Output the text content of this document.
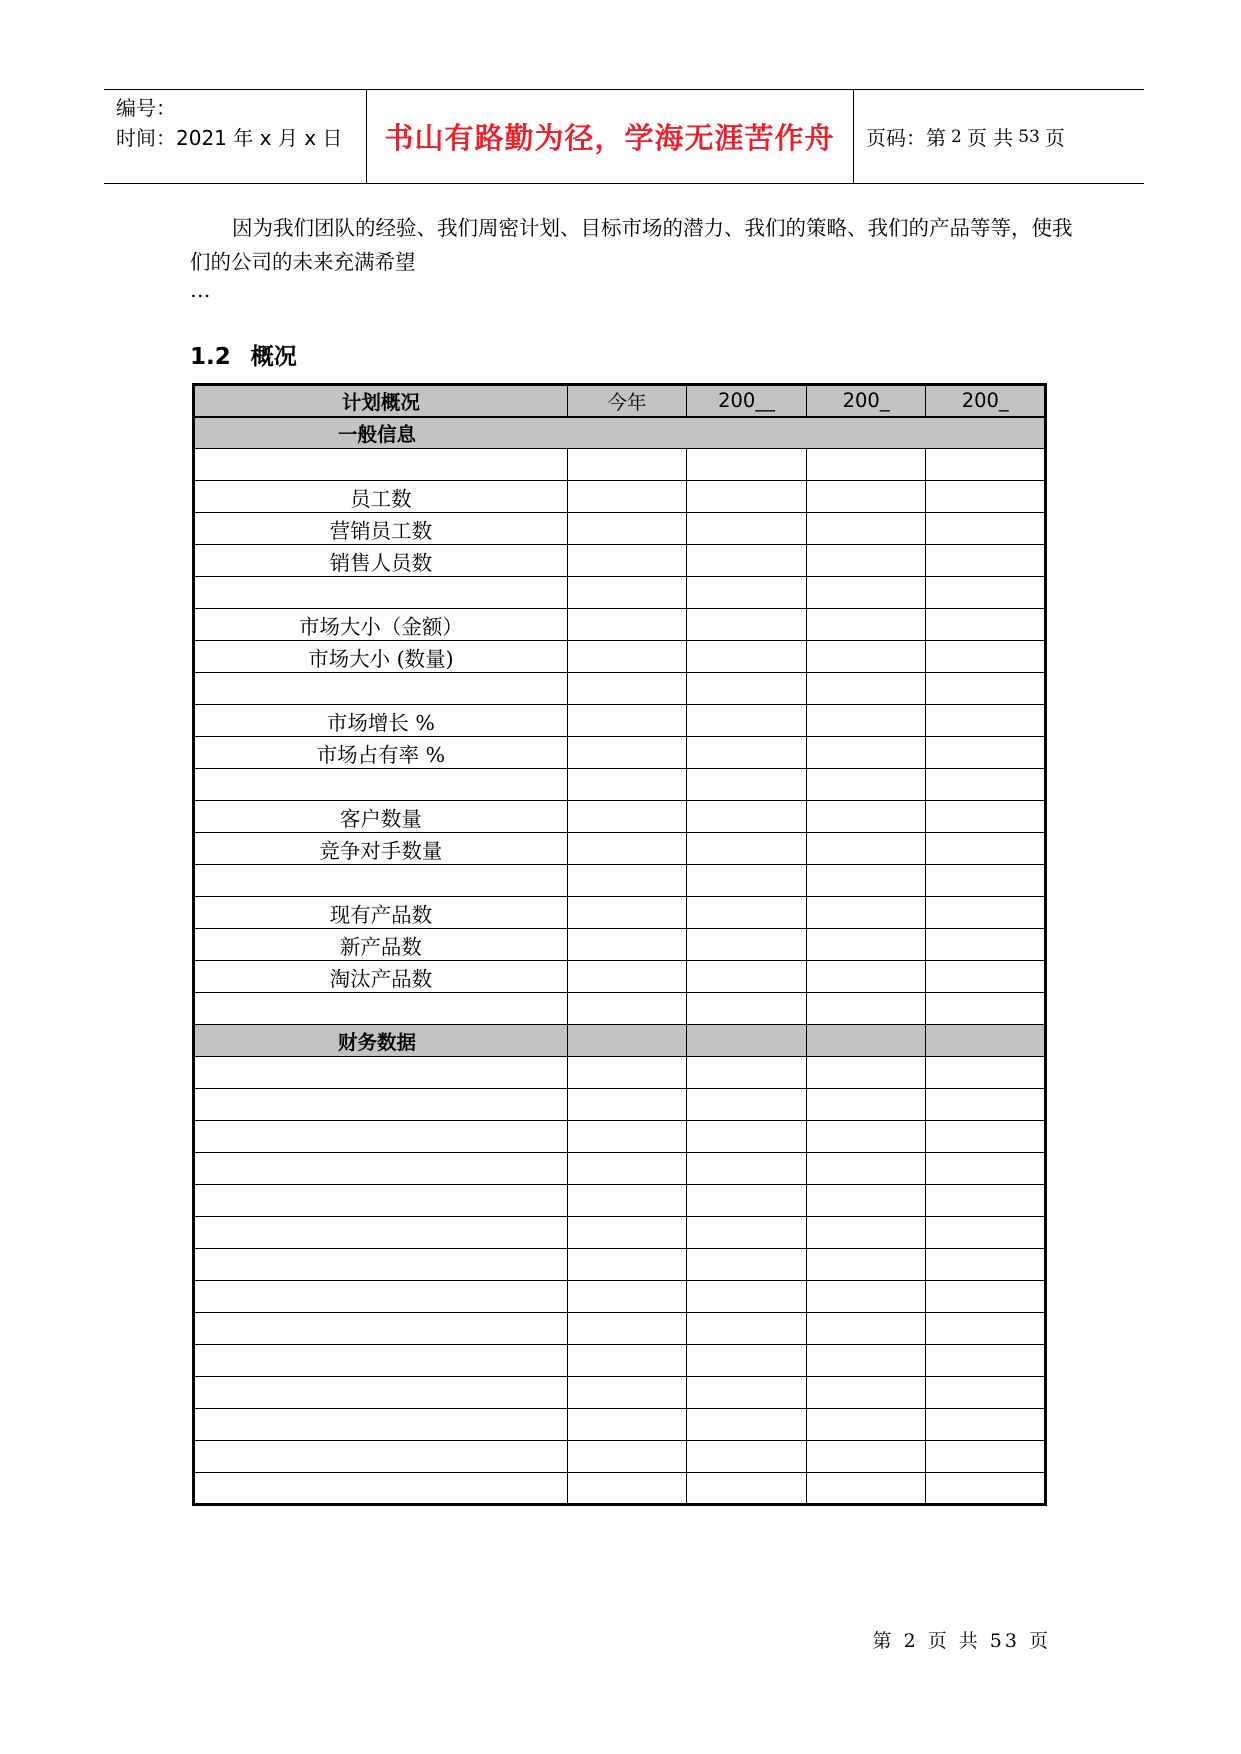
编号：
时间：2021 年 x 月 x 日	书山有路勤为径，学海无涯苦作舟	页码：第 2 页 共 53 页

因为我们团队的经验、我们周密计划、目标市场的潜力、我们的策略、我们的产品等等，使我们的公司的未来充满希望

…
1.2 概况
计划概况	今年	200__	200_	200_
一般信息				

员工数				
营销员工数				
销售人员数				

市场大小（金额）				
市场大小 (数量)				

市场增长 %				
市场占有率 %				

客户数量				
竞争对手数量				

现有产品数				
新产品数				
淘汰产品数				

财务数据				

第 2 页 共 53 页
